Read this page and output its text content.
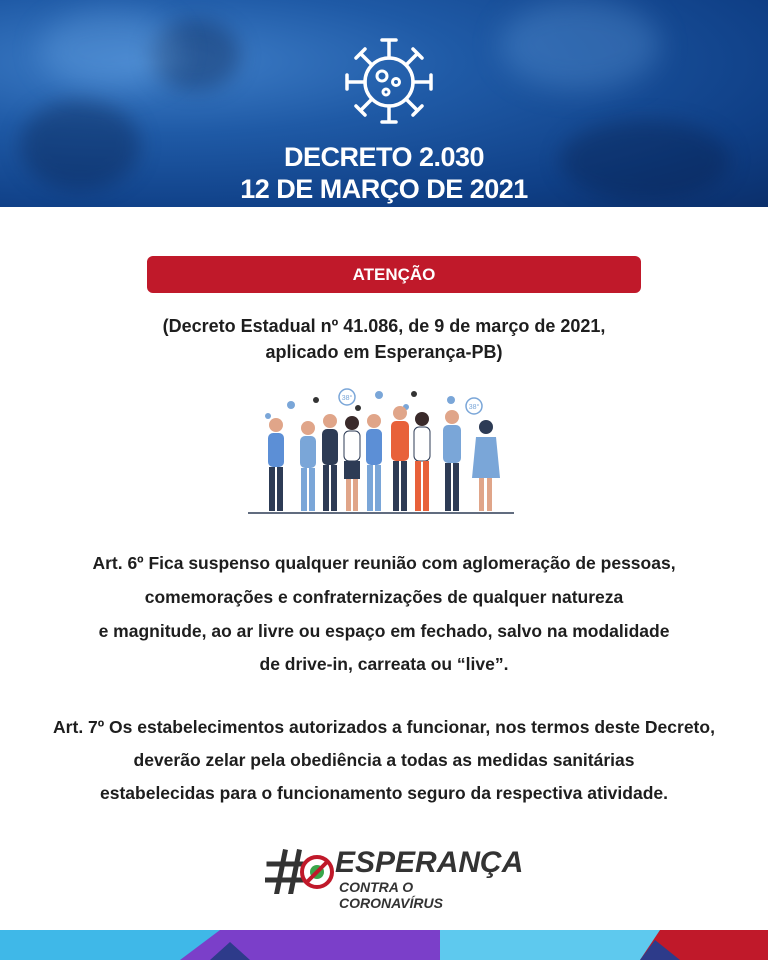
DECRETO 2.030
12 DE MARÇO DE 2021
ATENÇÃO
(Decreto Estadual nº 41.086, de 9 de março de 2021,
aplicado em Esperança-PB)
38°
38°
Art. 6º Fica suspenso qualquer reunião com aglomeração de pessoas,
comemorações e confraternizações de qualquer natureza
e magnitude, ao ar livre ou espaço em fechado, salvo na modalidade
de drive-in, carreata ou “live”.
Art. 7º Os estabelecimentos autorizados a funcionar, nos termos deste Decreto,
deverão zelar pela obediência a todas as medidas sanitárias
estabelecidas para o funcionamento seguro da respectiva atividade.
ESPERANÇA
CONTRA O CORONAVÍRUS
